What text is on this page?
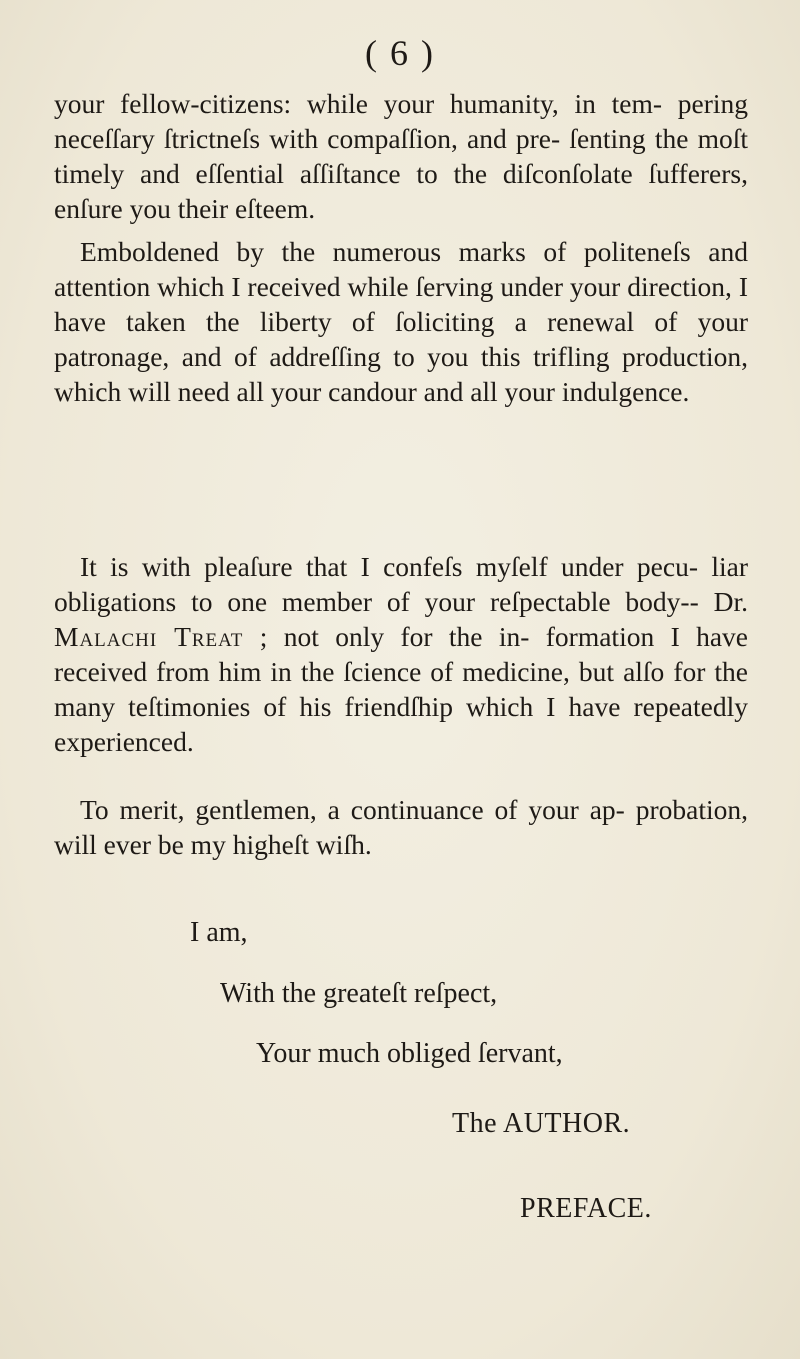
( 6 )
your fellow-citizens: while your humanity, in tem- pering neceſſary ſtrictneſs with compaſſion, and pre- ſenting the moſt timely and eſſential aſſiſtance to the diſconſolate ſufferers, enſure you their eſteem.
Emboldened by the numerous marks of politeneſs and attention which I received while ſerving under your direction, I have taken the liberty of ſoliciting a renewal of your patronage, and of addreſſing to you this trifling production, which will need all your candour and all your indulgence.
It is with pleaſure that I confeſs myſelf under pecu- liar obligations to one member of your reſpectable body-- Dr. Malachi Treat ; not only for the in- formation I have received from him in the ſcience of medicine, but alſo for the many teſtimonies of his friendſhip which I have repeatedly experienced.
To merit, gentlemen, a continuance of your ap- probation, will ever be my higheſt wiſh.
I am,
With the greateſt reſpect,
Your much obliged ſervant,
The AUTHOR.
PREFACE.
